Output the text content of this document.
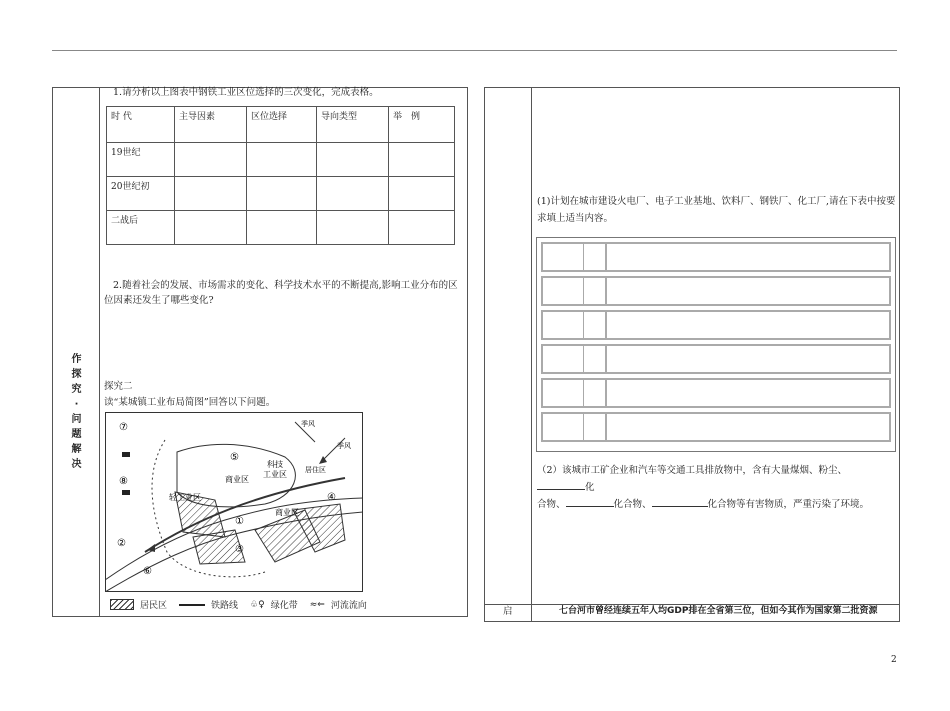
作
探
究
·
问
题
解
决
1.请分析以上图表中钢铁工业区位选择的三次变化，完成表格。
时 代	主导因素	区位选择	导向类型	举　例
19世纪				
20世纪初				
二战后				
2.随着社会的发展、市场需求的变化、科学技术水平的不断提高,影响工业分布的区
位因素还发生了哪些变化?
探究二
读“某城镇工业布局简图”回答以下问题。
⑦
⑧
⑤
科技
工业区
商业区
商业区
轻工业区
①
②
③
④
⑥
季风
季风
居住区
居民区	铁路线 ♧♀ 绿化带 ≈⇐ 河流流向
(1)计划在城市建设火电厂、电子工业基地、饮料厂、钢铁厂、化工厂,请在下表中按要
求填上适当内容。
（2）该城市工矿企业和汽车等交通工具排放物中，含有大量煤烟、粉尘、化
合物、	化合物、	化合物等有害物质，严重污染了环境。
启	七台河市曾经连续五年人均GDP排在全省第三位，但如今其作为国家第二批资源
2
